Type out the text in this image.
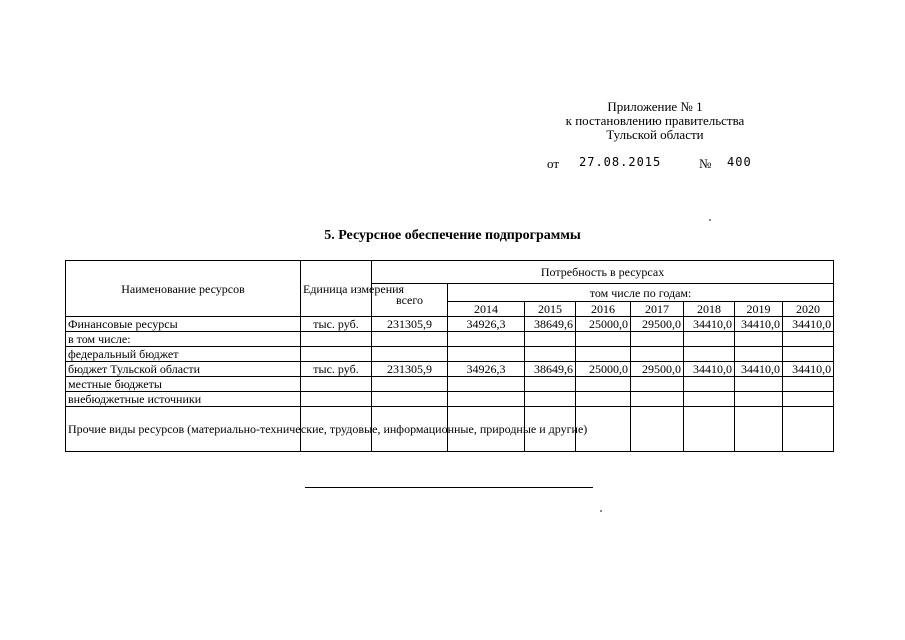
Приложение № 1
к постановлению правительства
Тульской области
от 27.08.2015	№ 400
5. Ресурсное обеспечение подпрограммы
Наименование ресурсов	Единица измерения	Потребность в ресурсах							
		всего	том числе по годам:						
			2014	2015	2016	2017	2018	2019	2020
Финансовые ресурсы	тыс. руб.	231305,9	34926,3	38649,6	25000,0	29500,0	34410,0	34410,0	34410,0
в том числе:									
федеральный бюджет									
бюджет Тульской области	тыс. руб.	231305,9	34926,3	38649,6	25000,0	29500,0	34410,0	34410,0	34410,0
местные бюджеты									
внебюджетные источники									
Прочие виды ресурсов (материально-технические, трудовые, информационные, природные и другие)									
